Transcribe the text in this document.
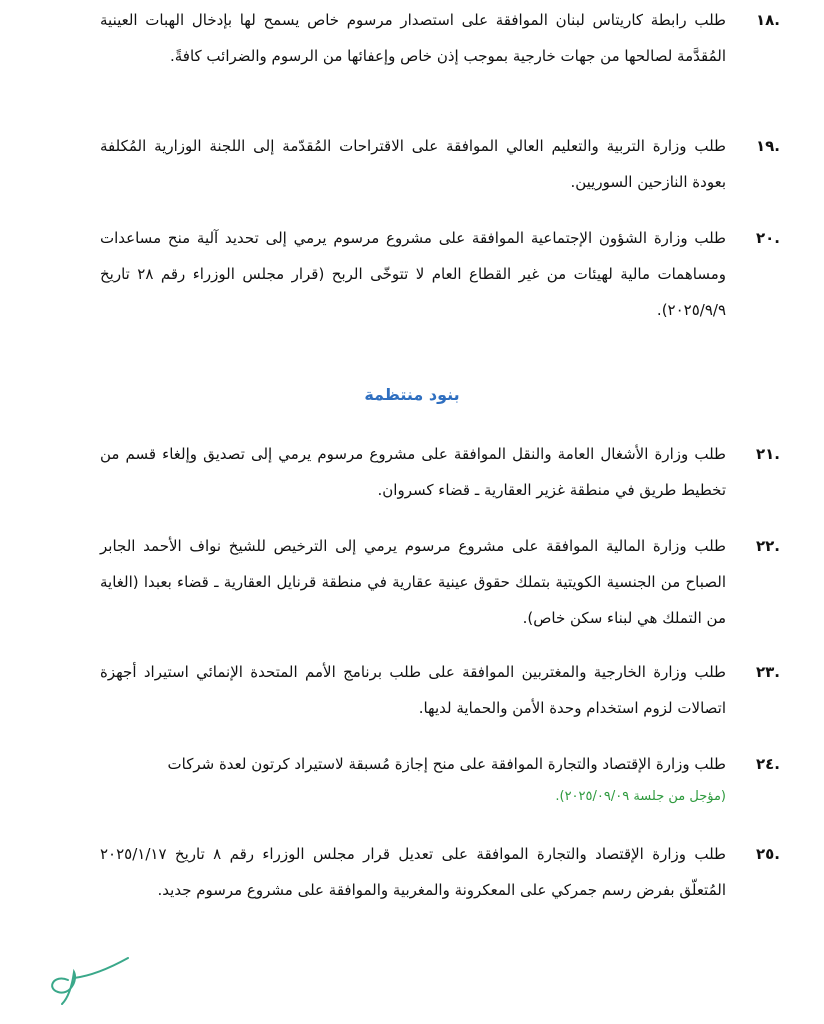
.١٨

طلب رابطة كاريتاس لبنان الموافقة على استصدار مرسوم خاص يسمح لها بإدخال الهبات العينية المُقدَّمة لصالحها من جهات خارجية بموجب إذن خاص وإعفائها من الرسوم والضرائب كافةً.

.١٩

طلب وزارة التربية والتعليم العالي الموافقة على الاقتراحات المُقدّمة إلى اللجنة الوزارية المُكلفة بعودة النازحين السوريين.

.٢٠

طلب وزارة الشؤون الإجتماعية الموافقة على مشروع مرسوم يرمي إلى تحديد آلية منح مساعدات ومساهمات مالية لهيئات من غير القطاع العام لا تتوخّى الربح (قرار مجلس الوزراء رقم ٢٨ تاريخ ٢٠٢٥/٩/٩).

بنود منتظمة
.٢١

طلب وزارة الأشغال العامة والنقل الموافقة على مشروع مرسوم يرمي إلى تصديق وإلغاء قسم من تخطيط طريق في منطقة غزير العقارية ـ قضاء كسروان.

.٢٢

طلب وزارة المالية الموافقة على مشروع مرسوم يرمي إلى الترخيص للشيخ نواف الأحمد الجابر الصباح من الجنسية الكويتية بتملك حقوق عينية عقارية في منطقة قرنايل العقارية ـ قضاء بعبدا (الغاية من التملك هي لبناء سكن خاص).

.٢٣

طلب وزارة الخارجية والمغتربين الموافقة على طلب برنامج الأمم المتحدة الإنمائي استيراد أجهزة اتصالات لزوم استخدام وحدة الأمن والحماية لديها.

.٢٤

طلب وزارة الإقتصاد والتجارة الموافقة على منح إجازة مُسبقة لاستيراد كرتون لعدة شركات

(مؤجل من جلسة ٢٠٢٥/٠٩/٠٩).

.٢٥

طلب وزارة الإقتصاد والتجارة الموافقة على تعديل قرار مجلس الوزراء رقم ٨ تاريخ ٢٠٢٥/١/١٧ المُتعلّق بفرض رسم جمركي على المعكرونة والمغربية والموافقة على مشروع مرسوم جديد.
